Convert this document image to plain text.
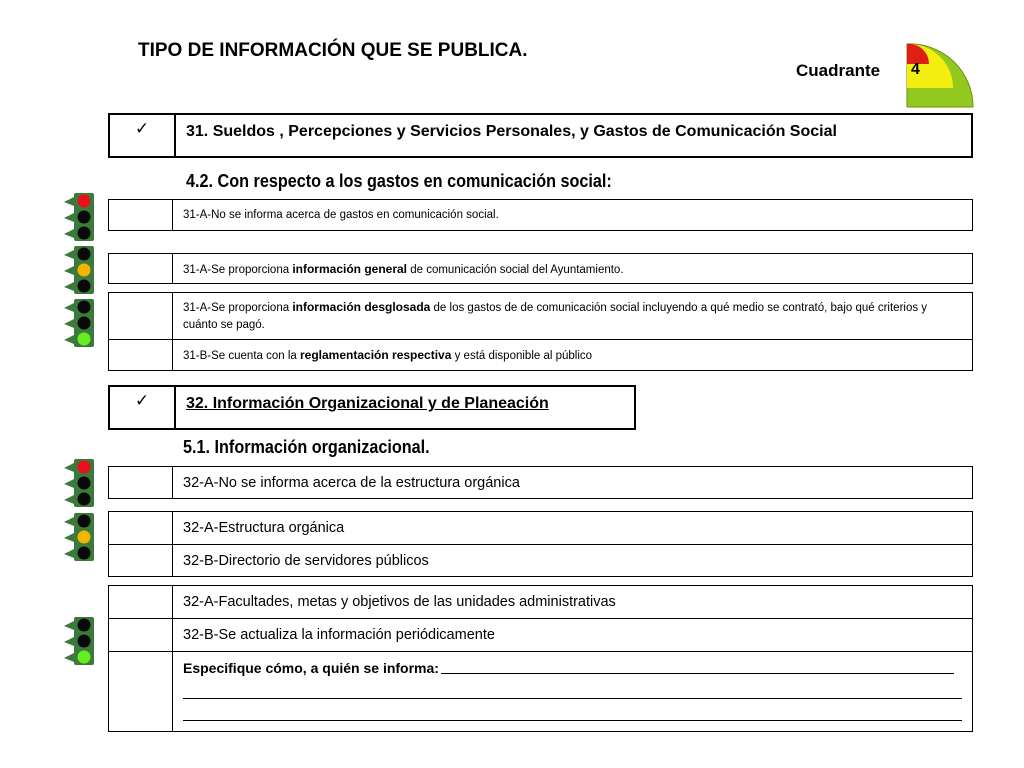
TIPO DE INFORMACIÓN QUE SE PUBLICA.
Cuadrante 4
✓	31. Sueldos , Percepciones y Servicios Personales, y Gastos de Comunicación Social
4.2. Con respecto a los gastos en comunicación social:
31-A-No se informa acerca de gastos en comunicación social.
31-A-Se proporciona información general de comunicación social del Ayuntamiento.
31-A-Se proporciona información desglosada de los gastos de de comunicación social incluyendo a qué medio se contrató, bajo qué criterios y cuánto se pagó.
31-B-Se cuenta con la reglamentación respectiva y está disponible al público
✓	32. Información Organizacional y de Planeación
5.1. Información organizacional.
32-A-No se informa acerca de la estructura orgánica
32-A-Estructura orgánica
32-B-Directorio de servidores públicos
32-A-Facultades, metas y objetivos de las unidades administrativas
32-B-Se actualiza la información periódicamente
Especifique cómo, a quién se informa:
